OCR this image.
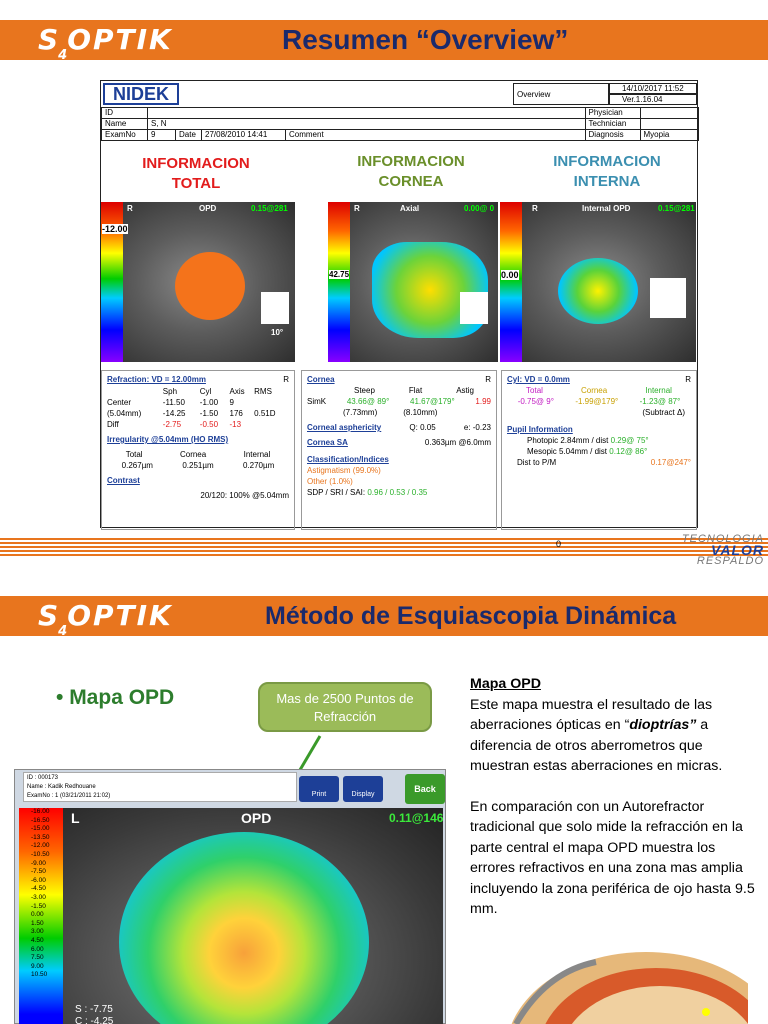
$S_4OPTIK$	Resumen “Overview”
NIDEK	Overview
14/10/2017 11:52
Ver.1.16.04
ID					Physician	
Name	S, N				Technician	
ExamNo	9	Date	27/08/2010 14:41	Comment	Diagnosis	Myopia
INFORMACION
TOTAL
INFORMACION
CORNEA
INFORMACION
INTERNA
-12.00
R	OPD	0.15@281
10°
42.75
R	Axial	0.00@ 0
0.00
R	Internal OPD	0.15@281
Refraction: VD = 12.00mm	R
	Sph	Cyl	Axis	RMS
Center	-11.50	-1.00	9	
(5.04mm)	-14.25	-1.50	176	0.51D
Diff	-2.75	-0.50	-13	
Irregularity @5.04mm (HO RMS)
Total	Cornea	Internal
0.267µm	0.251µm	0.270µm
Contrast
20/120: 100% @5.04mm
Cornea	R
Steep	Flat	Astig
SimK	43.66@ 89°	41.67@179°	1.99
(7.73mm)	(8.10mm)
Corneal asphericity	Q: 0.05	e: -0.23
Cornea SA	0.363µm @6.0mm
Classification/Indices
Astigmatism (99.0%)
Other (1.0%)
SDP / SRI / SAI: 0.96 / 0.53 / 0.35
Cyl: VD = 0.0mm	R
Total	Cornea	Internal
-0.75@ 9°	-1.99@179°	-1.23@ 87°
(Subtract Δ)
Pupil Information
Photopic 2.84mm / dist 0.29@ 75°
Mesopic 5.04mm / dist 0.12@ 86°
Dist to P/M	0.17@247°
0	TECNOLOGIA
VALOR
RESPALDO
$S_4OPTIK$	Método de Esquiascopia Dinámica
• Mapa OPD	Mas de 2500 Puntos de Refracción
Mapa OPD
Este mapa muestra el resultado de las aberraciones ópticas en “dioptrías” a diferencia de otros aberrometros que muestran estas aberraciones en micras.
En comparación con un Autorefractor tradicional que solo mide la refracción en la parte central el mapa OPD muestra los errores refractivos en una zona mas amplia incluyendo la zona periférica de ojo hasta 9.5 mm.
ID : 000173
Name : Kadik Redhouane
ExamNo : 1 (03/21/2011 21:02)	Print	Display
Back
-16.00
-16.50
-15.00
-13.50
-12.00
-10.50
-9.00
-7.50
-6.00
-4.50
-3.00
-1.50
0.00
1.50
3.00
4.50
6.00
7.50
9.00
10.50
L	OPD	0.11@146
S : -7.75
C : -4.25
